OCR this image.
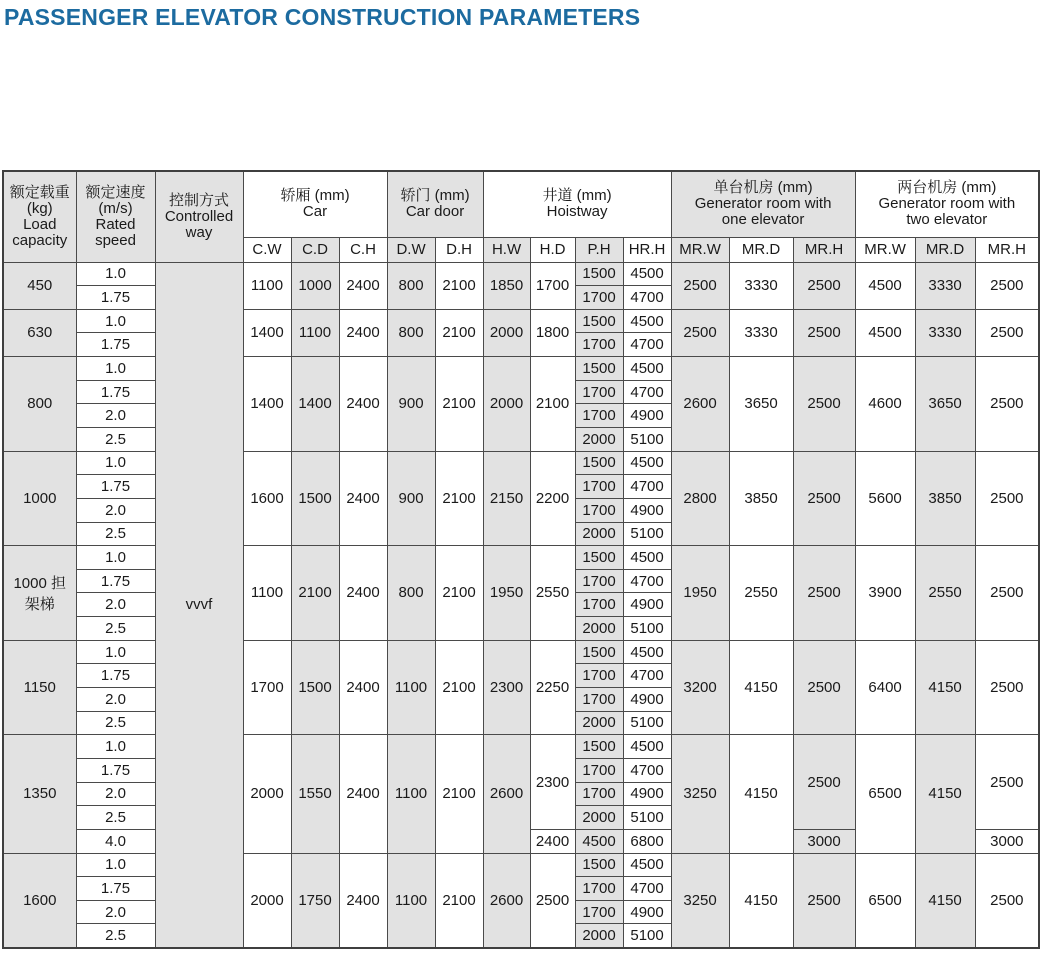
PASSENGER ELEVATOR CONSTRUCTION PARAMETERS
额定载重
(kg)
Load
capacity	额定速度
(m/s)
Rated
speed	控制方式
Controlled
way	轿厢 (mm)
Car			轿门 (mm)
Car door		井道 (mm)
Hoistway				单台机房 (mm)
Generator room with
one elevator			两台机房 (mm)
Generator room with
two elevator		
			C.W	C.D	C.H	D.W	D.H	H.W	H.D	P.H	HR.H	MR.W	MR.D	MR.H	MR.W	MR.D	MR.H
450	1.0	vvvf	1100	1000	2400	800	2100	1850	1700	1500	4500	2500	3330	2500	4500	3330	2500
	1.75									1700	4700						
630	1.0		1400	1100	2400	800	2100	2000	1800	1500	4500	2500	3330	2500	4500	3330	2500
	1.75									1700	4700						
800	1.0		1400	1400	2400	900	2100	2000	2100	1500	4500	2600	3650	2500	4600	3650	2500
	1.75									1700	4700						
	2.0									1700	4900						
	2.5									2000	5100						
1000	1.0		1600	1500	2400	900	2100	2150	2200	1500	4500	2800	3850	2500	5600	3850	2500
	1.75									1700	4700						
	2.0									1700	4900						
	2.5									2000	5100						
1000 担
架梯	1.0		1100	2100	2400	800	2100	1950	2550	1500	4500	1950	2550	2500	3900	2550	2500
	1.75									1700	4700						
	2.0									1700	4900						
	2.5									2000	5100						
1150	1.0		1700	1500	2400	1100	2100	2300	2250	1500	4500	3200	4150	2500	6400	4150	2500
	1.75									1700	4700						
	2.0									1700	4900						
	2.5									2000	5100						
1350	1.0		2000	1550	2400	1100	2100	2600	2300	1500	4500	3250	4150	2500	6500	4150	2500
	1.75									1700	4700						
	2.0									1700	4900						
	2.5									2000	5100						
	4.0								2400	4500	6800			3000			3000
1600	1.0		2000	1750	2400	1100	2100	2600	2500	1500	4500	3250	4150	2500	6500	4150	2500
	1.75									1700	4700						
	2.0									1700	4900						
	2.5									2000	5100						
